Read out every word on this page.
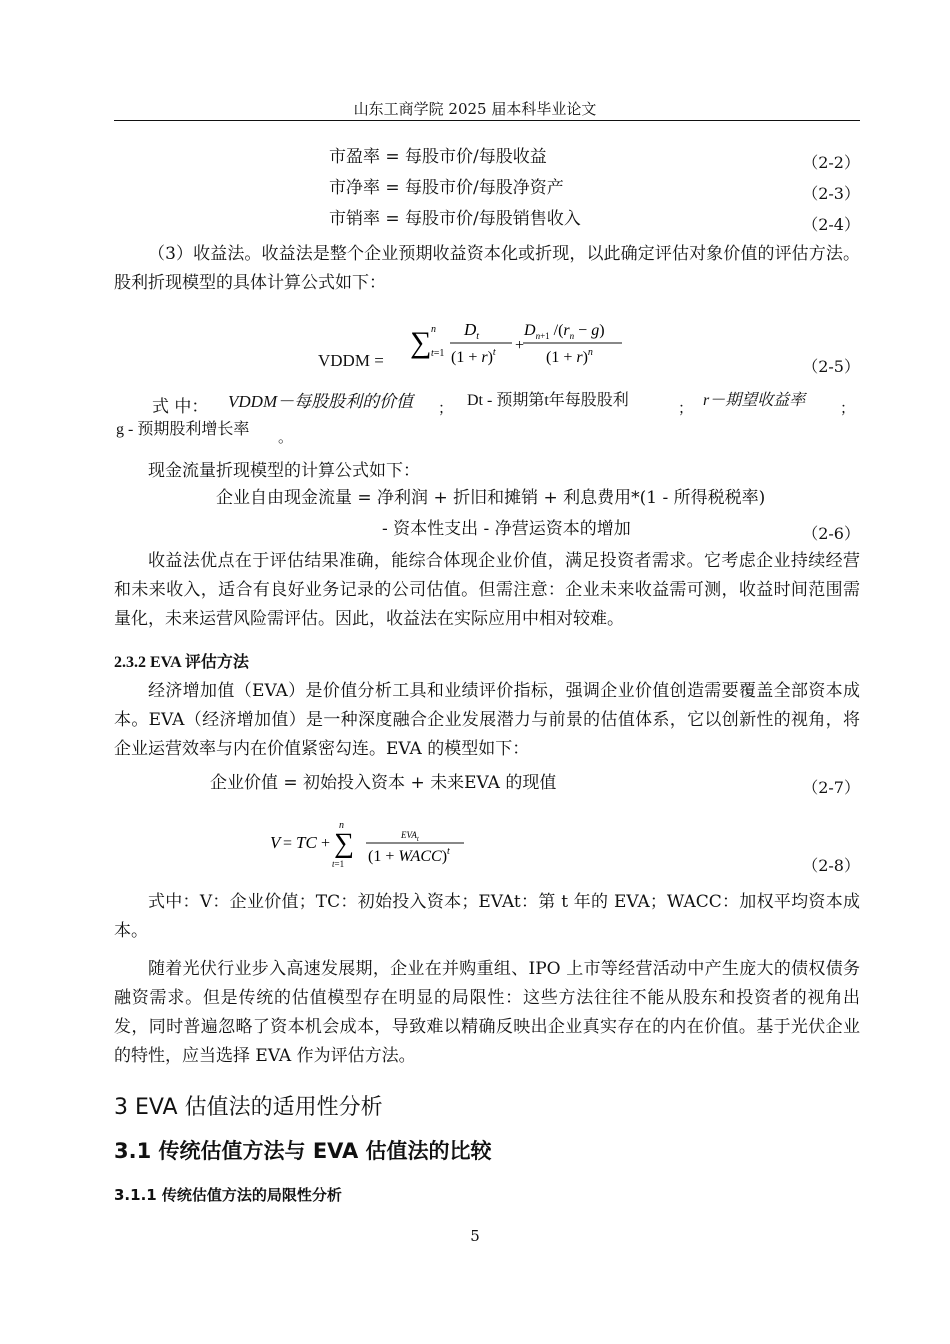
山东工商学院 2025 届本科毕业论文
市盈率 = 每股市价/每股收益	（2-2）
市净率 = 每股市价/每股净资产	（2-3）
市销率 = 每股市价/每股销售收入	（2-4）

（3）收益法。收益法是整个企业预期收益资本化或折现，以此确定评估对象价值的评估方法。股利折现模型的具体计算公式如下：

VDDM =
∑ n
t=1
$D_t$
$(1 + r)^t$ +
$D_n+1$ $/(r_n - g)$
$(1 + r)^n$
（2-5）
式 中： VDDM－每股股利的价值 ； Dt - 预期第t年每股股利	； r－期望收益率 ；
g - 预期股利增长率 。
现金流量折现模型的计算公式如下：
企业自由现金流量 = 净利润 + 折旧和摊销 + 利息费用*(1 - 所得税税率)
- 资本性支出 - 净营运资本的增加	（2-6）

收益法优点在于评估结果准确，能综合体现企业价值，满足投资者需求。它考虑企业持续经营和未来收入，适合有良好业务记录的公司估值。但需注意：企业未来收益需可测，收益时间范围需量化，未来运营风险需评估。因此，收益法在实际应用中相对较难。

2.3.2 EVA 评估方法

经济增加值（EVA）是价值分析工具和业绩评价指标，强调企业价值创造需要覆盖全部资本成本。EVA（经济增加值）是一种深度融合企业发展潜力与前景的估值体系，它以创新性的视角，将企业运营效率与内在价值紧密勾连。EVA 的模型如下：

企业价值 = 初始投入资本 + 未来EVA 的现值	（2-7）
V = TC +
n
∑
t=1
$EVA_t$
(1 + WACC)$^t$
（2-8）

式中：V：企业价值；TC：初始投入资本；EVAt：第 t 年的 EVA；WACC：加权平均资本成本。

随着光伏行业步入高速发展期，企业在并购重组、IPO 上市等经营活动中产生庞大的债权债务融资需求。但是传统的估值模型存在明显的局限性：这些方法往往不能从股东和投资者的视角出发，同时普遍忽略了资本机会成本，导致难以精确反映出企业真实存在的内在价值。基于光伏企业的特性，应当选择 EVA 作为评估方法。

3 EVA 估值法的适用性分析
3.1 传统估值方法与 EVA 估值法的比较
3.1.1 传统估值方法的局限性分析
5
